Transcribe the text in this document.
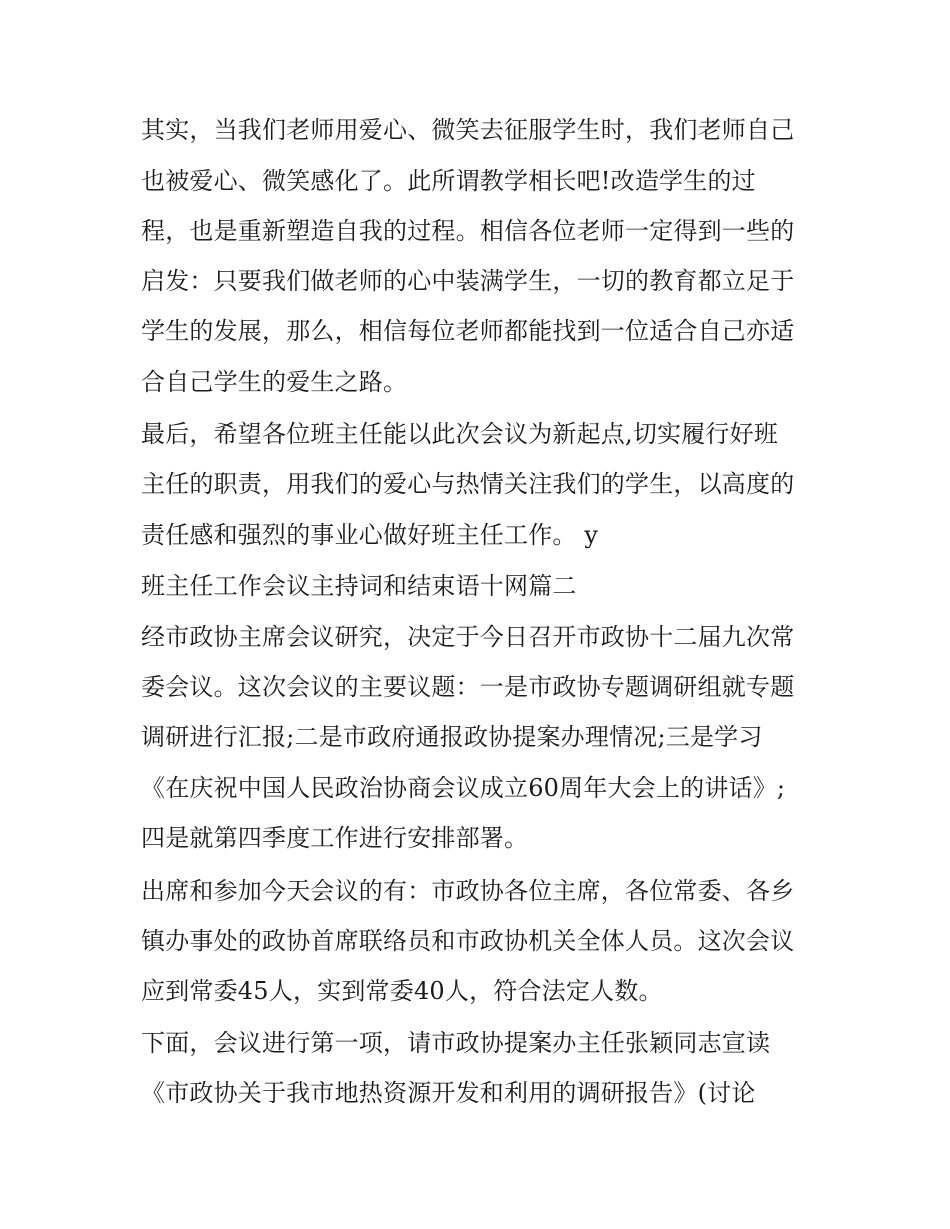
其实，当我们老师用爱心、微笑去征服学生时，我们老师自己
也被爱心、微笑感化了。此所谓教学相长吧!改造学生的过
程，也是重新塑造自我的过程。相信各位老师一定得到一些的
启发：只要我们做老师的心中装满学生，一切的教育都立足于
学生的发展，那么，相信每位老师都能找到一位适合自己亦适
合自己学生的爱生之路。
最后，希望各位班主任能以此次会议为新起点,切实履行好班
主任的职责，用我们的爱心与热情关注我们的学生，以高度的
责任感和强烈的事业心做好班主任工作。 y
班主任工作会议主持词和结束语十网篇二
经市政协主席会议研究，决定于今日召开市政协十二届九次常
委会议。这次会议的主要议题：一是市政协专题调研组就专题
调研进行汇报;二是市政府通报政协提案办理情况;三是学习
《在庆祝中国人民政治协商会议成立60周年大会上的讲话》;
四是就第四季度工作进行安排部署。
出席和参加今天会议的有：市政协各位主席，各位常委、各乡
镇办事处的政协首席联络员和市政协机关全体人员。这次会议
应到常委45人，实到常委40人，符合法定人数。
下面，会议进行第一项，请市政协提案办主任张颖同志宣读
《市政协关于我市地热资源开发和利用的调研报告》(讨论
